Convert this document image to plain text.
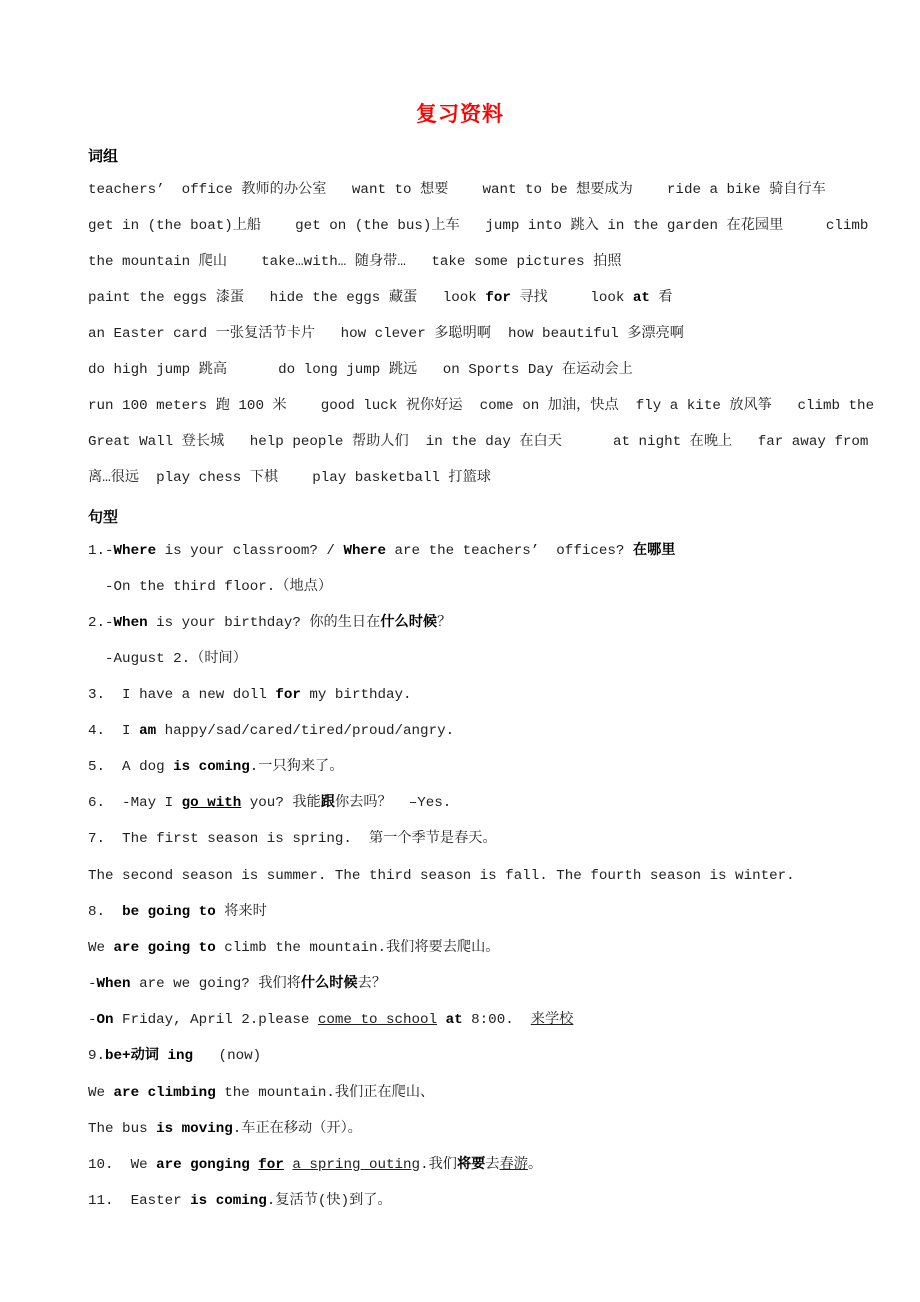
复习资料
词组
句型
teachers’  office 教师的办公室   want to 想要    want to be 想要成为    ride a bike 骑自行车
get in (the boat)上船    get on (the bus)上车   jump into 跳入 in the garden 在花园里     climb
the mountain 爬山    take…with… 随身带…   take some pictures 拍照
paint the eggs 漆蛋   hide the eggs 藏蛋   look for 寻找     look at 看
an Easter card 一张复活节卡片   how clever 多聪明啊  how beautiful 多漂亮啊
do high jump 跳高      do long jump 跳远   on Sports Day 在运动会上
run 100 meters 跑 100 米    good luck 祝你好运  come on 加油，快点  fly a kite 放风筝   climb the
Great Wall 登长城   help people 帮助人们  in the day 在白天      at night 在晚上   far away from
离…很远  play chess 下棋    play basketball 打篮球
1.-Where is your classroom? / Where are the teachers’  offices? 在哪里
-On the third floor.（地点）
2.-When is your birthday? 你的生日在什么时候？
-August 2.（时间）
3.  I have a new doll for my birthday.
4.  I am happy/sad/cared/tired/proud/angry.
5.  A dog is coming.一只狗来了。
6.  -May I go with you? 我能跟你去吗？  –Yes.
7.  The first season is spring.  第一个季节是春天。
The second season is summer. The third season is fall. The fourth season is winter.
8.  be going to 将来时
We are going to climb the mountain.我们将要去爬山。
-When are we going? 我们将什么时候去？
-On Friday, April 2.please come to school at 8:00.  来学校
9.be+动词 ing   (now)
We are climbing the mountain.我们正在爬山、
The bus is moving.车正在移动（开）。
10.  We are gonging for a spring outing.我们将要去春游。
11.  Easter is coming.复活节(快)到了。
